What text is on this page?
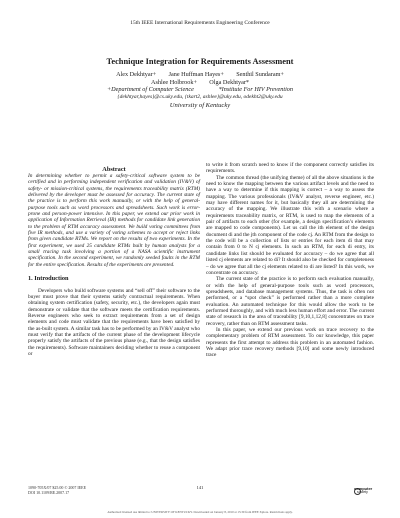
15th IEEE International Requirements Engineering Conference
Technique Integration for Requirements Assessment
Alex Dekhtyar+        Jane Huffman Hayes+        Senthil Sundaram+
Ashlee Holbrook+        Olga Dekhtyar*
+Department of Computer Science                *Institute For HIV Prevention
{dekhtyar,hayes}@cs.uky.edu, {tkart2, ashlee}@uky.edu, odekht2@uky.edu
University of Kentucky
Abstract

In determining whether to permit a safety-critical software system to be certified and in performing independent verification and validation (IV&V) of safety- or mission-critical systems, the requirements traceability matrix (RTM) delivered by the developer must be assessed for accuracy. The current state of the practice is to perform this work manually, or with the help of general-purpose tools such as word processors and spreadsheets. Such work is error-prone and person-power intensive. In this paper, we extend our prior work in application of Information Retrieval (IR) methods for candidate link generation to the problem of RTM accuracy assessment. We build voting committees from five IR methods, and use a variety of voting schemes to accept or reject links from given candidate RTMs. We report on the results of two experiments. In the first experiment, we used 25 candidate RTMs built by human analysts for a small tracing task involving a portion of a NASA scientific instrument specification. In the second experiment, we randomly seeded faults in the RTM for the entire specification. Results of the experiments are presented.

1. Introduction

Developers who build software systems and “sell off” their software to the buyer must prove that their systems satisfy contractual requirements. When obtaining system certification (safety, security, etc.), the developers again must demonstrate or validate that the software meets the certification requirements. Reverse engineers who seek to extract requirements from a set of design elements and code must validate that the requirements have been satisfied by the as-built system. A similar task has to be performed by an IV&V analyst who must verify that the artifacts of the current phase of the development lifecycle properly satisfy the artifacts of the previous phase (e.g., that the design satisfies the requirements). Software maintainers deciding whether to reuse a component or

to write it from scratch need to know if the component correctly satisfies its requirements.

The common thread (the unifying theme) of all the above situations is the need to know the mapping between the various artifact levels and the need to have a way to determine if this mapping is correct – a way to assess the mapping. The various professionals (IV&V analyst, reverse engineer, etc.) may have different names for it, but basically they all are determining the accuracy of the mapping. We illustrate this with a scenario where a requirements traceability matrix, or RTM, is used to map the elements of a pair of artifacts to each other (for example, a design specification’s elements are mapped to code components). Let us call the ith element of the design document di and the jth component of the code cj. An RTM from the design to the code will be a collection of lists or entries for each item di that may contain from 0 to N cj elements. In such an RTM, for each di entry, its candidate links list should be evaluated for accuracy – do we agree that all listed cj elements are related to di? It should also be checked for completeness – do we agree that all the cj elements related to di are listed? In this work, we concentrate on accuracy.

The current state of the practice is to perform such evaluation manually, or with the help of general-purpose tools such as word processors, spreadsheets, and database management systems. Thus, the task is often not performed, or a “spot check” is performed rather than a more complete evaluation. An automated technique for this would allow the work to be performed thoroughly, and with much less human effort and error. The current state of research in the area of traceability [9,10,1,12,8] concentrates on trace recovery, rather than on RTM assessment tasks.

In this paper, we extend our previous work on trace recovery to the complementary problem of RTM assessment. To our knowledge, this paper represents the first attempt to address this problem in an automated fashion. We adapt prior trace recovery methods [9,10] and some newly introduced trace

1090-705X/07 $25.00 © 2007 IEEE
DOI 10.1109/RE.2007.17
141	computer
society
Authorized licensed use limited to: UNIVERSITY OF KENTUCKY. Downloaded on January 8, 2010 at 15:39 from IEEE Xplore. Restrictions apply.
